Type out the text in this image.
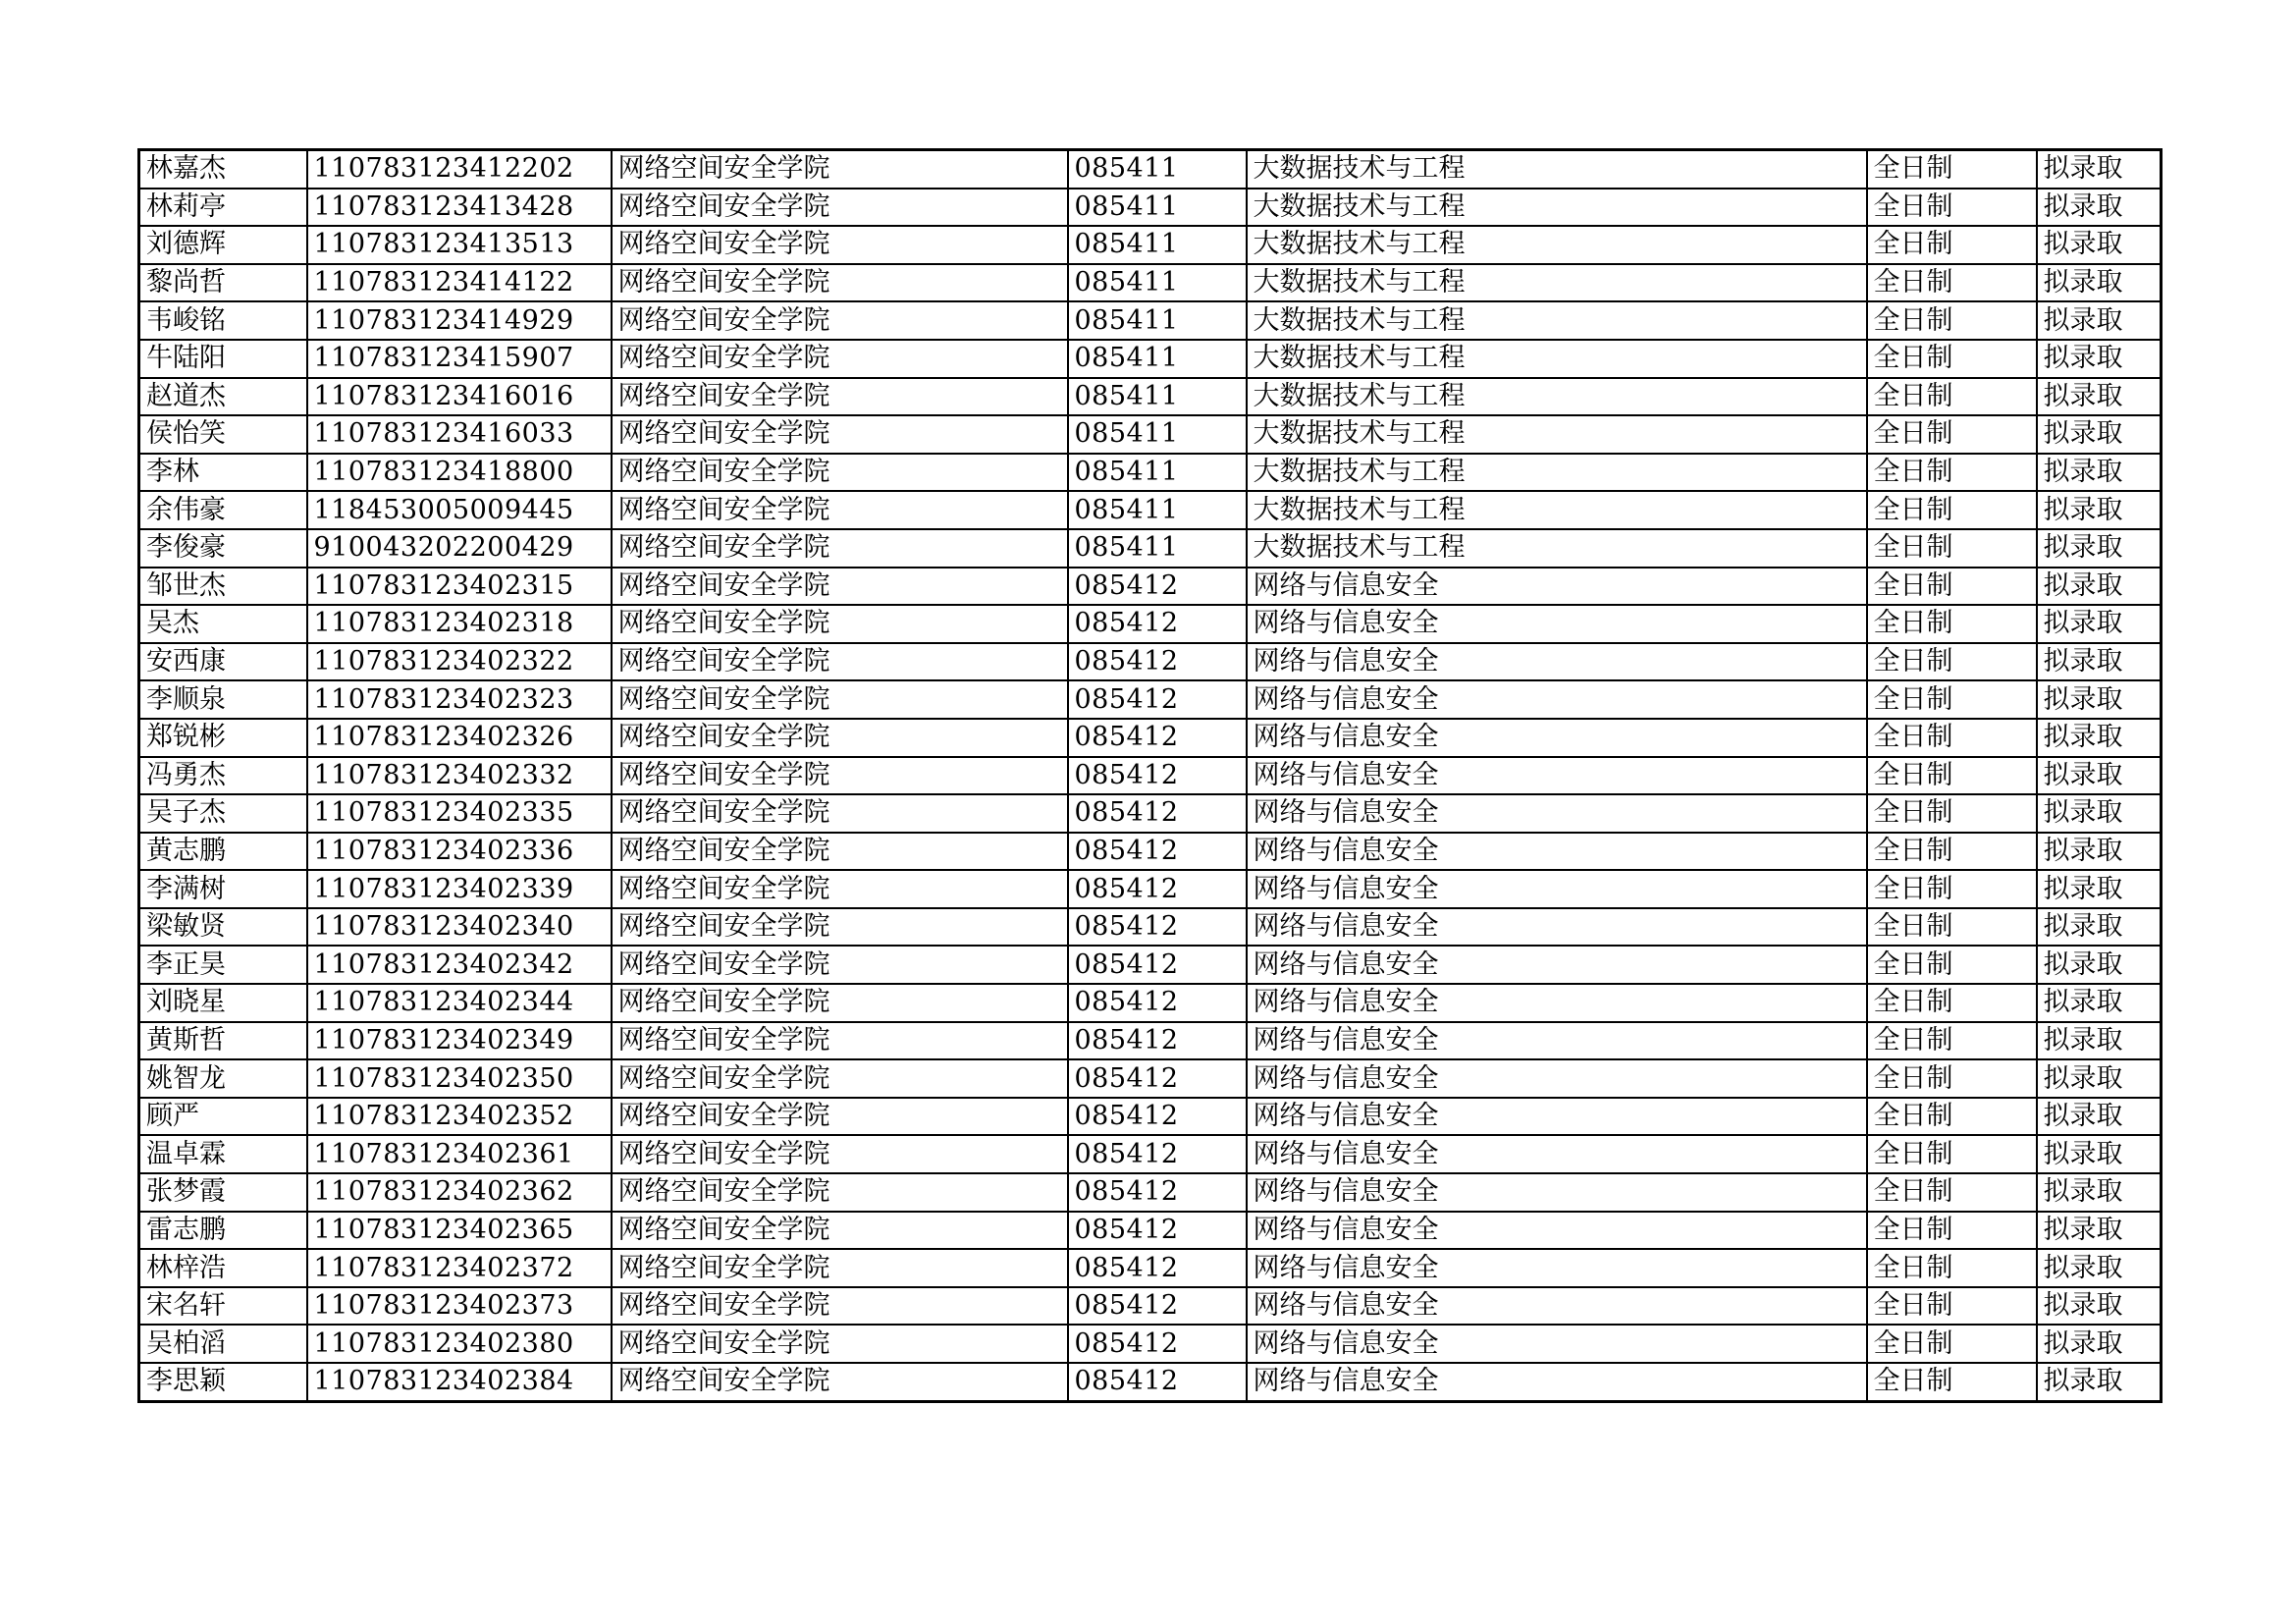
林嘉杰	110783123412202	网络空间安全学院	085411	大数据技术与工程	全日制	拟录取
林莉亭	110783123413428	网络空间安全学院	085411	大数据技术与工程	全日制	拟录取
刘德辉	110783123413513	网络空间安全学院	085411	大数据技术与工程	全日制	拟录取
黎尚哲	110783123414122	网络空间安全学院	085411	大数据技术与工程	全日制	拟录取
韦峻铭	110783123414929	网络空间安全学院	085411	大数据技术与工程	全日制	拟录取
牛陆阳	110783123415907	网络空间安全学院	085411	大数据技术与工程	全日制	拟录取
赵道杰	110783123416016	网络空间安全学院	085411	大数据技术与工程	全日制	拟录取
侯怡笑	110783123416033	网络空间安全学院	085411	大数据技术与工程	全日制	拟录取
李林	110783123418800	网络空间安全学院	085411	大数据技术与工程	全日制	拟录取
余伟豪	118453005009445	网络空间安全学院	085411	大数据技术与工程	全日制	拟录取
李俊豪	910043202200429	网络空间安全学院	085411	大数据技术与工程	全日制	拟录取
邹世杰	110783123402315	网络空间安全学院	085412	网络与信息安全	全日制	拟录取
吴杰	110783123402318	网络空间安全学院	085412	网络与信息安全	全日制	拟录取
安西康	110783123402322	网络空间安全学院	085412	网络与信息安全	全日制	拟录取
李顺泉	110783123402323	网络空间安全学院	085412	网络与信息安全	全日制	拟录取
郑锐彬	110783123402326	网络空间安全学院	085412	网络与信息安全	全日制	拟录取
冯勇杰	110783123402332	网络空间安全学院	085412	网络与信息安全	全日制	拟录取
吴子杰	110783123402335	网络空间安全学院	085412	网络与信息安全	全日制	拟录取
黄志鹏	110783123402336	网络空间安全学院	085412	网络与信息安全	全日制	拟录取
李满树	110783123402339	网络空间安全学院	085412	网络与信息安全	全日制	拟录取
梁敏贤	110783123402340	网络空间安全学院	085412	网络与信息安全	全日制	拟录取
李正昊	110783123402342	网络空间安全学院	085412	网络与信息安全	全日制	拟录取
刘晓星	110783123402344	网络空间安全学院	085412	网络与信息安全	全日制	拟录取
黄斯哲	110783123402349	网络空间安全学院	085412	网络与信息安全	全日制	拟录取
姚智龙	110783123402350	网络空间安全学院	085412	网络与信息安全	全日制	拟录取
顾严	110783123402352	网络空间安全学院	085412	网络与信息安全	全日制	拟录取
温卓霖	110783123402361	网络空间安全学院	085412	网络与信息安全	全日制	拟录取
张梦霞	110783123402362	网络空间安全学院	085412	网络与信息安全	全日制	拟录取
雷志鹏	110783123402365	网络空间安全学院	085412	网络与信息安全	全日制	拟录取
林梓浩	110783123402372	网络空间安全学院	085412	网络与信息安全	全日制	拟录取
宋名轩	110783123402373	网络空间安全学院	085412	网络与信息安全	全日制	拟录取
吴柏滔	110783123402380	网络空间安全学院	085412	网络与信息安全	全日制	拟录取
李思颖	110783123402384	网络空间安全学院	085412	网络与信息安全	全日制	拟录取
